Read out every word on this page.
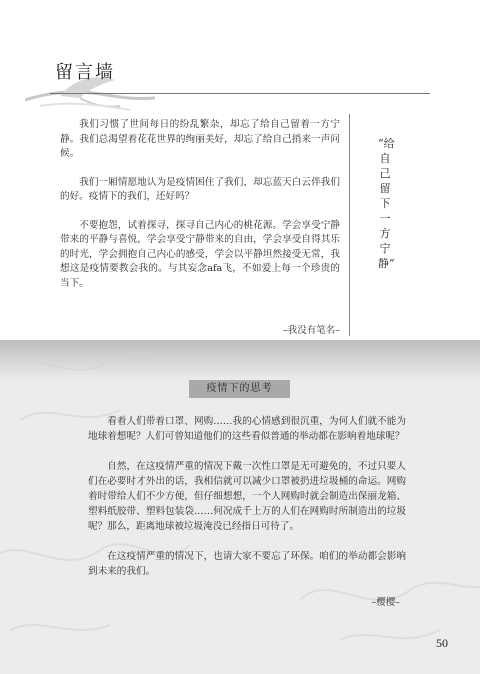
留言墙

我们习惯了世间每日的纷乱繁杂，却忘了给自己留着一方宁静。我们总渴望着花花世界的绚丽美好，却忘了给自己捎来一声问候。

我们一厢情愿地认为是疫情困住了我们，却忘蓝天白云伴我们的好。疫情下的我们，还好吗？

不要抱怨，试着探寻，探寻自己内心的桃花源。学会享受宁静带来的平静与喜悦，学会享受宁静带来的自由，学会享受自得其乐的时光，学会拥抱自己内心的感受，学会以平静坦然接受无常，我想这是疫情要教会我的。与其妄念afa飞，不如爱上每一个珍贵的当下。

–我没有笔名–
“给自己留下一方宁静”
疫情下的思考

看着人们带着口罩、网购……我的心情感到很沉重，为何人们就不能为地球着想呢？人们可曾知道他们的这些看似普通的举动都在影响着地球呢？

自然，在这疫情严重的情况下戴一次性口罩是无可避免的，不过只要人们在必要时才外出的话，我相信就可以减少口罩被扔进垃圾桶的命运。网购着时带给人们不少方便，但仔细想想，一个人网购时就会制造出保丽龙箱、塑料纸胶带、塑料包装袋……何况成千上万的人们在网购时所制造出的垃圾呢？那么，距离地球被垃圾淹没已经指日可待了。

在这疫情严重的情况下，也请大家不要忘了环保。咱们的举动都会影响到未来的我们。

–樱樱–
50
